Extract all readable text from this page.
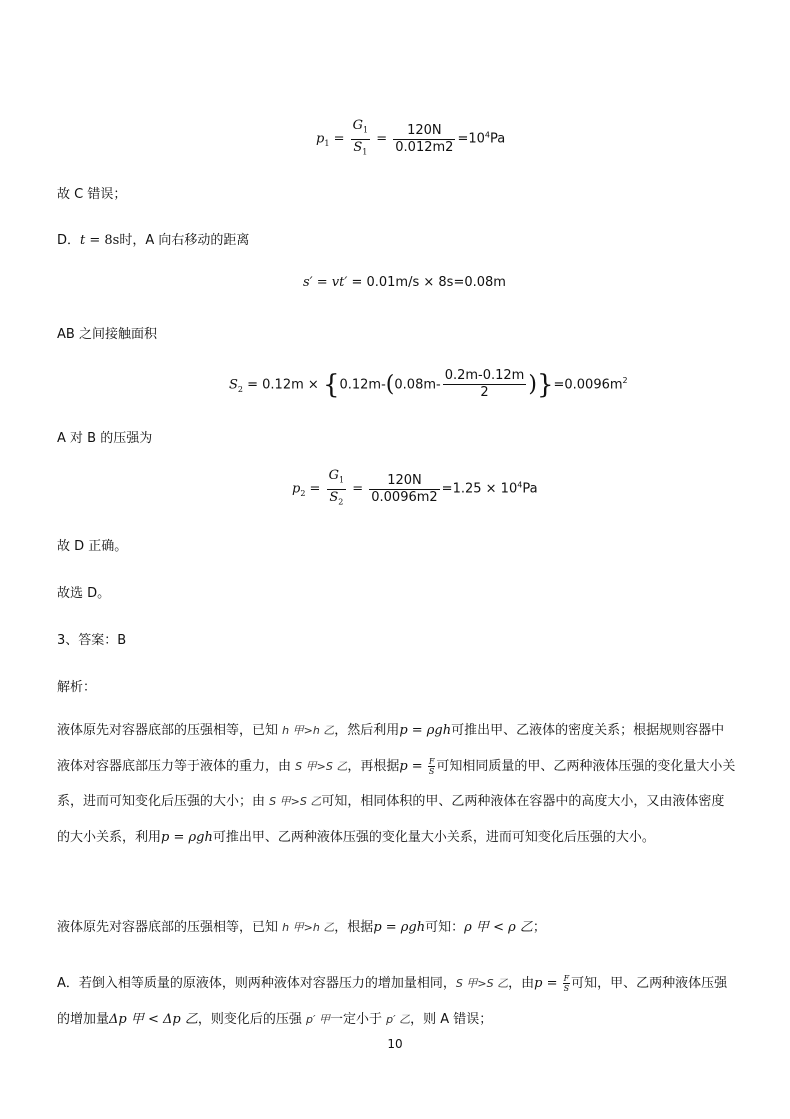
$p_1 = \frac{G_1}{S_1} = \frac{120N}{0.012m2} =10^4Pa$
故 C 错误；
D．t = 8s时，A 向右移动的距离
s′ = vt′ = 0.01m/s × 8s=0.08m
AB 之间接触面积
$S_2 = 0.12m \times \{0.12m-(0.08m- \frac{0.2m-0.12m}{2} )\}=0.0096m^2$
A 对 B 的压强为
$p_2 = \frac{G_1}{S_2} = \frac{120N}{0.0096m2} =1.25 \times 10^4Pa$
故 D 正确。
故选 D。
3、答案：B
解析：
液体原先对容器底部的压强相等，已知 h 甲>h 乙，然后利用p = ρgh可推出甲、乙液体的密度关系；根据规则容器中液体对容器底部压力等于液体的重力，由 S 甲>S 乙，再根据$p = \frac{F}{S}$ 可知相同质量的甲、乙两种液体压强的变化量大小关系，进而可知变化后压强的大小；由 S 甲>S 乙可知，相同体积的甲、乙两种液体在容器中的高度大小，又由液体密度的大小关系，利用p = ρgh可推出甲、乙两种液体压强的变化量大小关系，进而可知变化后压强的大小。
液体原先对容器底部的压强相等，已知 h 甲>h 乙，根据p = ρgh可知：ρ 甲 < ρ 乙；
A．若倒入相等质量的原液体，则两种液体对容器压力的增加量相同，S 甲>S 乙，由$p = \frac{F}{S}$ 可知，甲、乙两种液体压强的增加量Δp 甲 < Δp 乙，则变化后的压强 p′ 甲一定小于 p′ 乙，则 A 错误；
10
